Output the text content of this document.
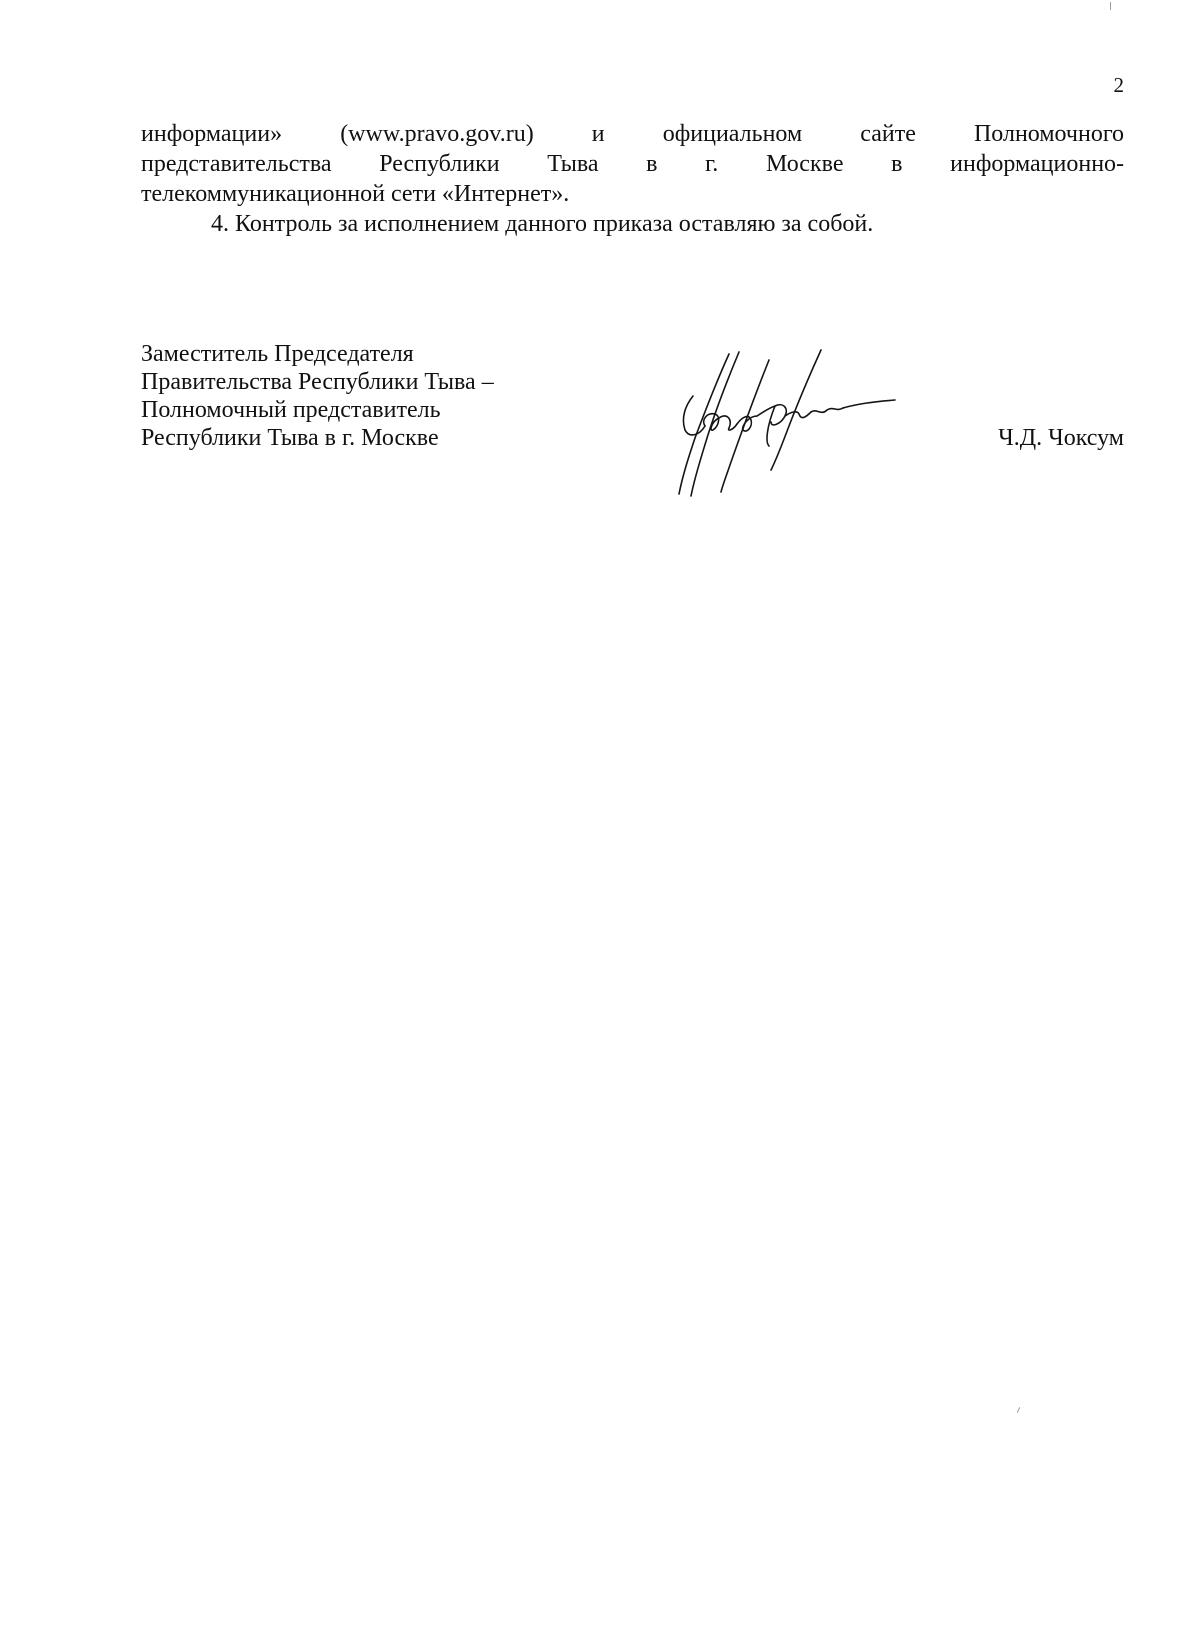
2

информации» (www.pravo.gov.ru) и официальном сайте Полномочного
представительства Республики Тыва в г. Москве в информационно-
телекоммуникационной сети «Интернет».

4. Контроль за исполнением данного приказа оставляю за собой.

Заместитель Председателя
Правительства Республики Тыва –
Полномочный представитель
Республики Тыва в г. Москве	Ч.Д. Чоксум
